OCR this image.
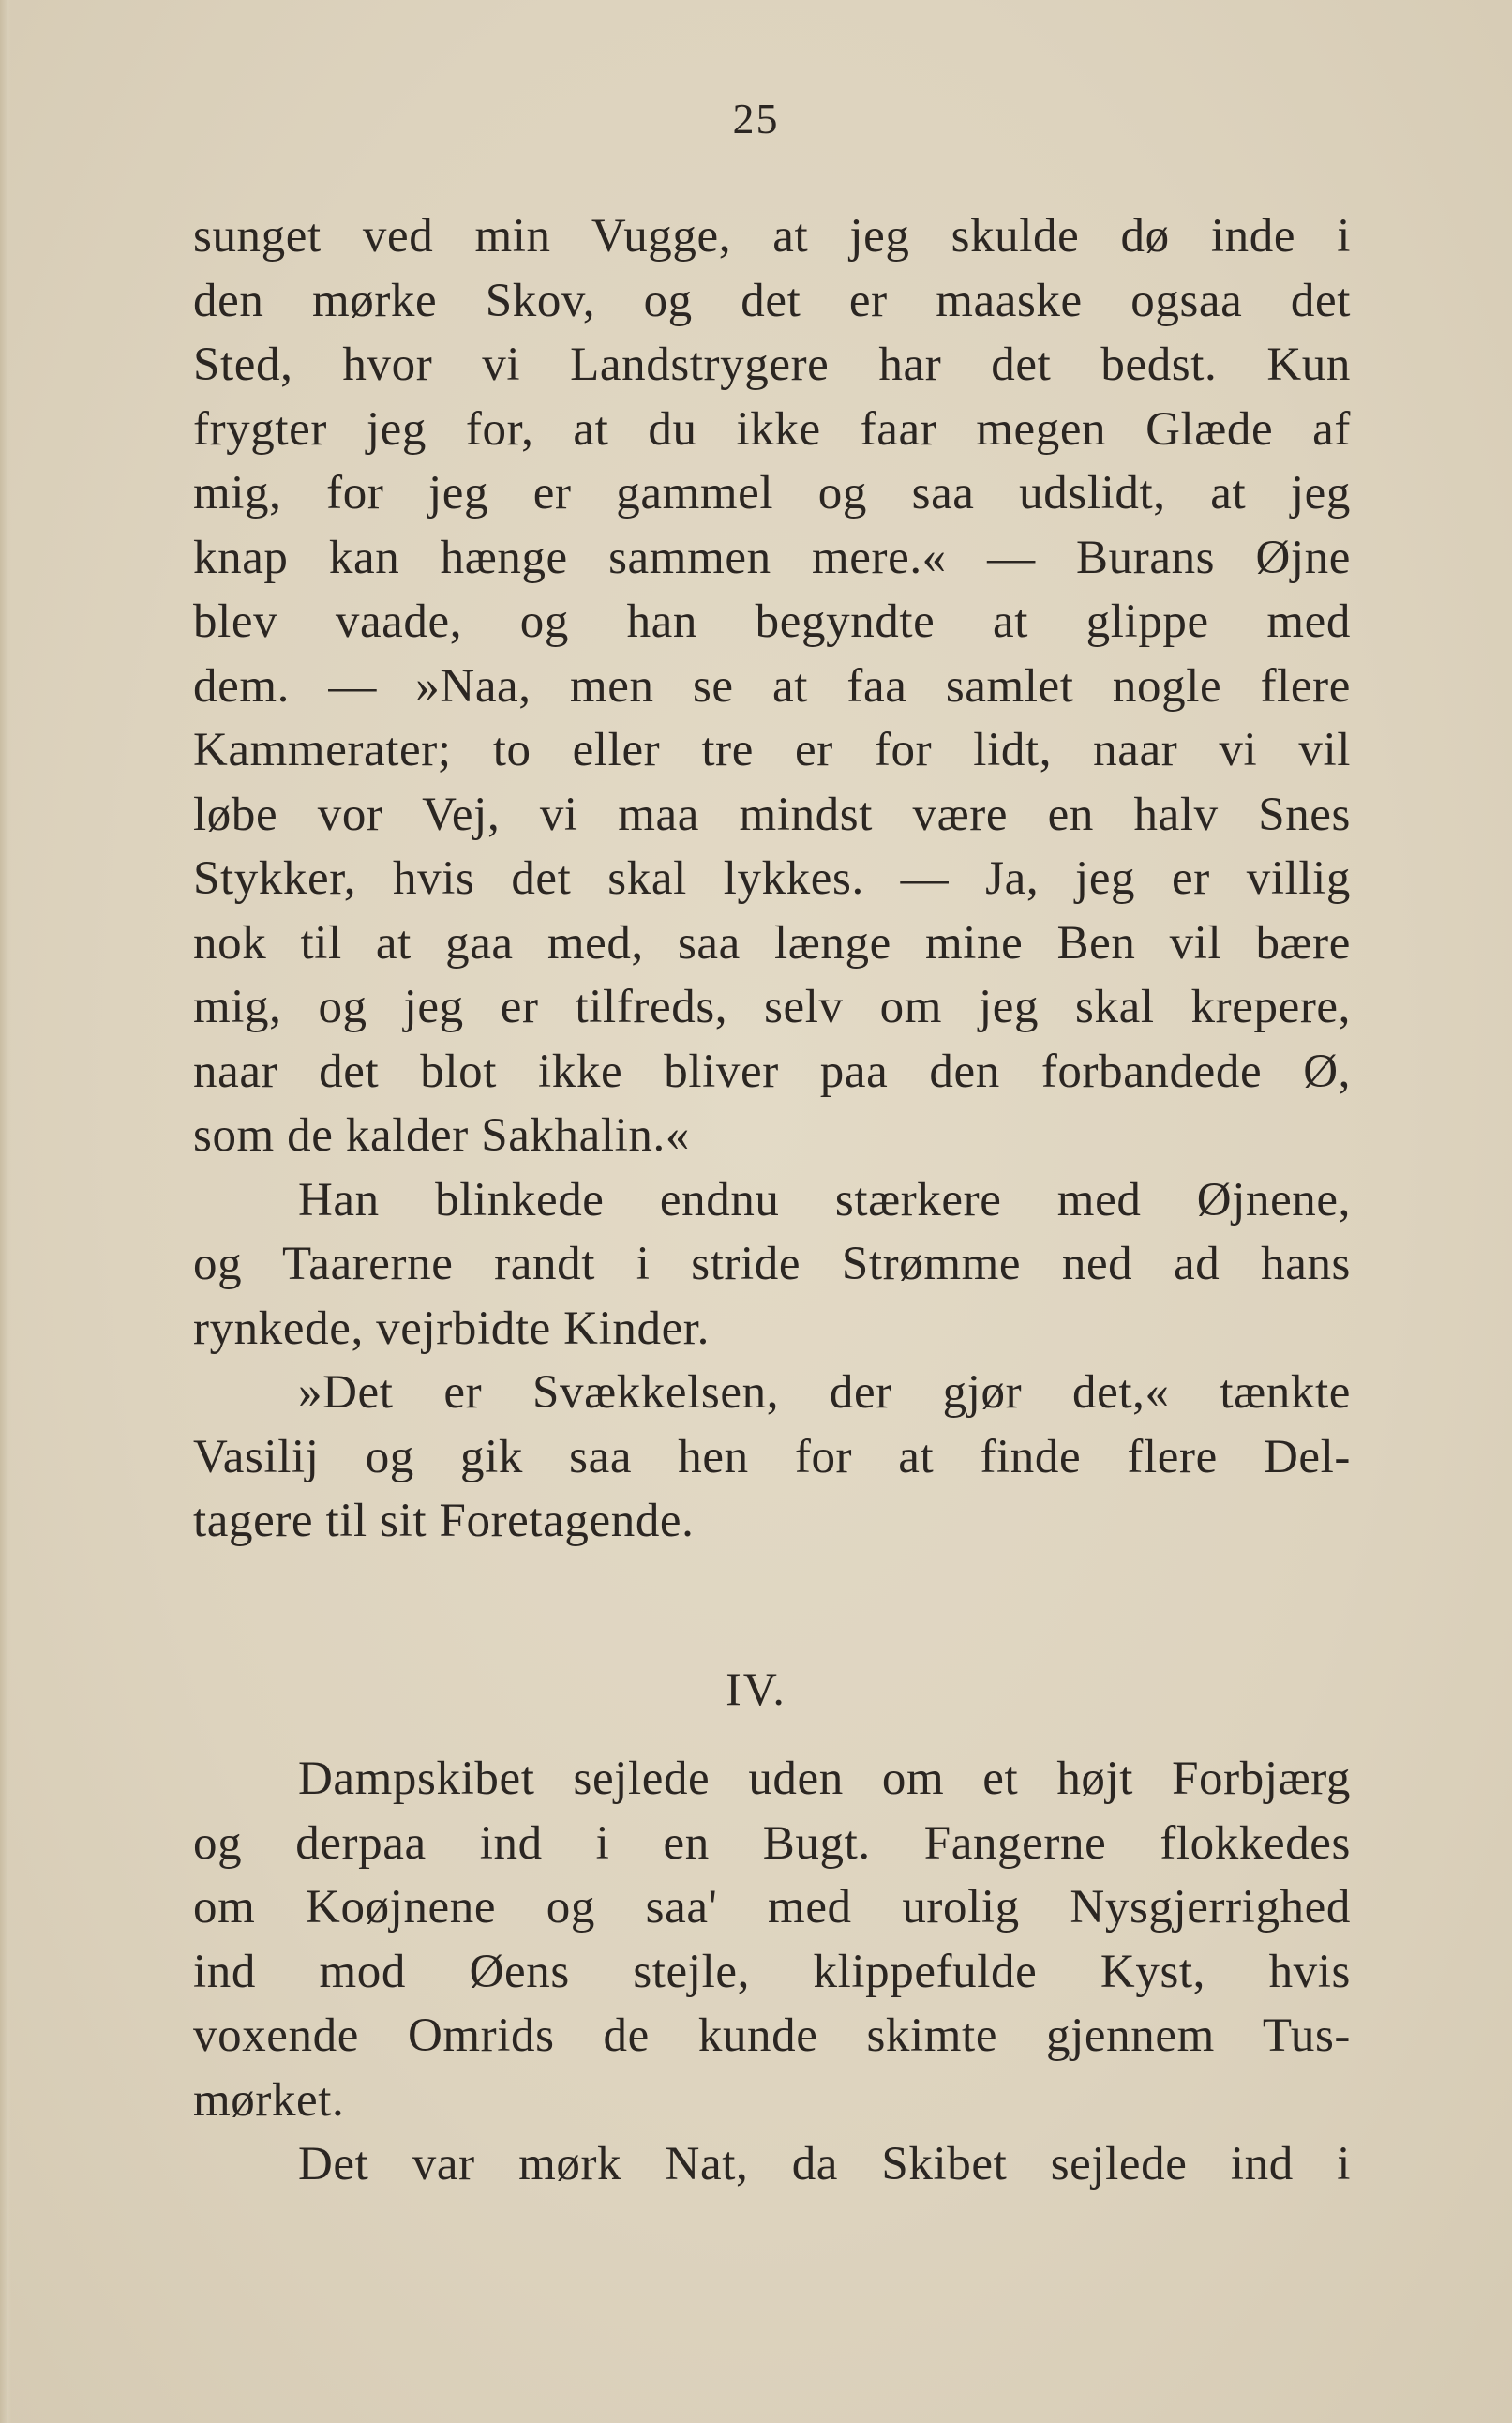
25
sunget ved min Vugge, at jeg skulde dø inde i
den mørke Skov, og det er maaske ogsaa det
Sted, hvor vi Landstrygere har det bedst. Kun
frygter jeg for, at du ikke faar megen Glæde af
mig, for jeg er gammel og saa udslidt, at jeg
knap kan hænge sammen mere.« — Burans Øjne
blev vaade, og han begyndte at glippe med
dem. — »Naa, men se at faa samlet nogle flere
Kammerater; to eller tre er for lidt, naar vi vil
løbe vor Vej, vi maa mindst være en halv Snes
Stykker, hvis det skal lykkes. — Ja, jeg er villig
nok til at gaa med, saa længe mine Ben vil bære
mig, og jeg er tilfreds, selv om jeg skal krepere,
naar det blot ikke bliver paa den forbandede Ø,
som de kalder Sakhalin.«
Han blinkede endnu stærkere med Øjnene,
og Taarerne randt i stride Strømme ned ad hans
rynkede, vejrbidte Kinder.
»Det er Svækkelsen, der gjør det,« tænkte
Vasilij og gik saa hen for at finde flere Del-
tagere til sit Foretagende.
IV.
Dampskibet sejlede uden om et højt Forbjærg
og derpaa ind i en Bugt. Fangerne flokkedes
om Koøjnene og saa' med urolig Nysgjerrighed
ind mod Øens stejle, klippefulde Kyst, hvis
voxende Omrids de kunde skimte gjennem Tus-
mørket.
Det var mørk Nat, da Skibet sejlede ind i
